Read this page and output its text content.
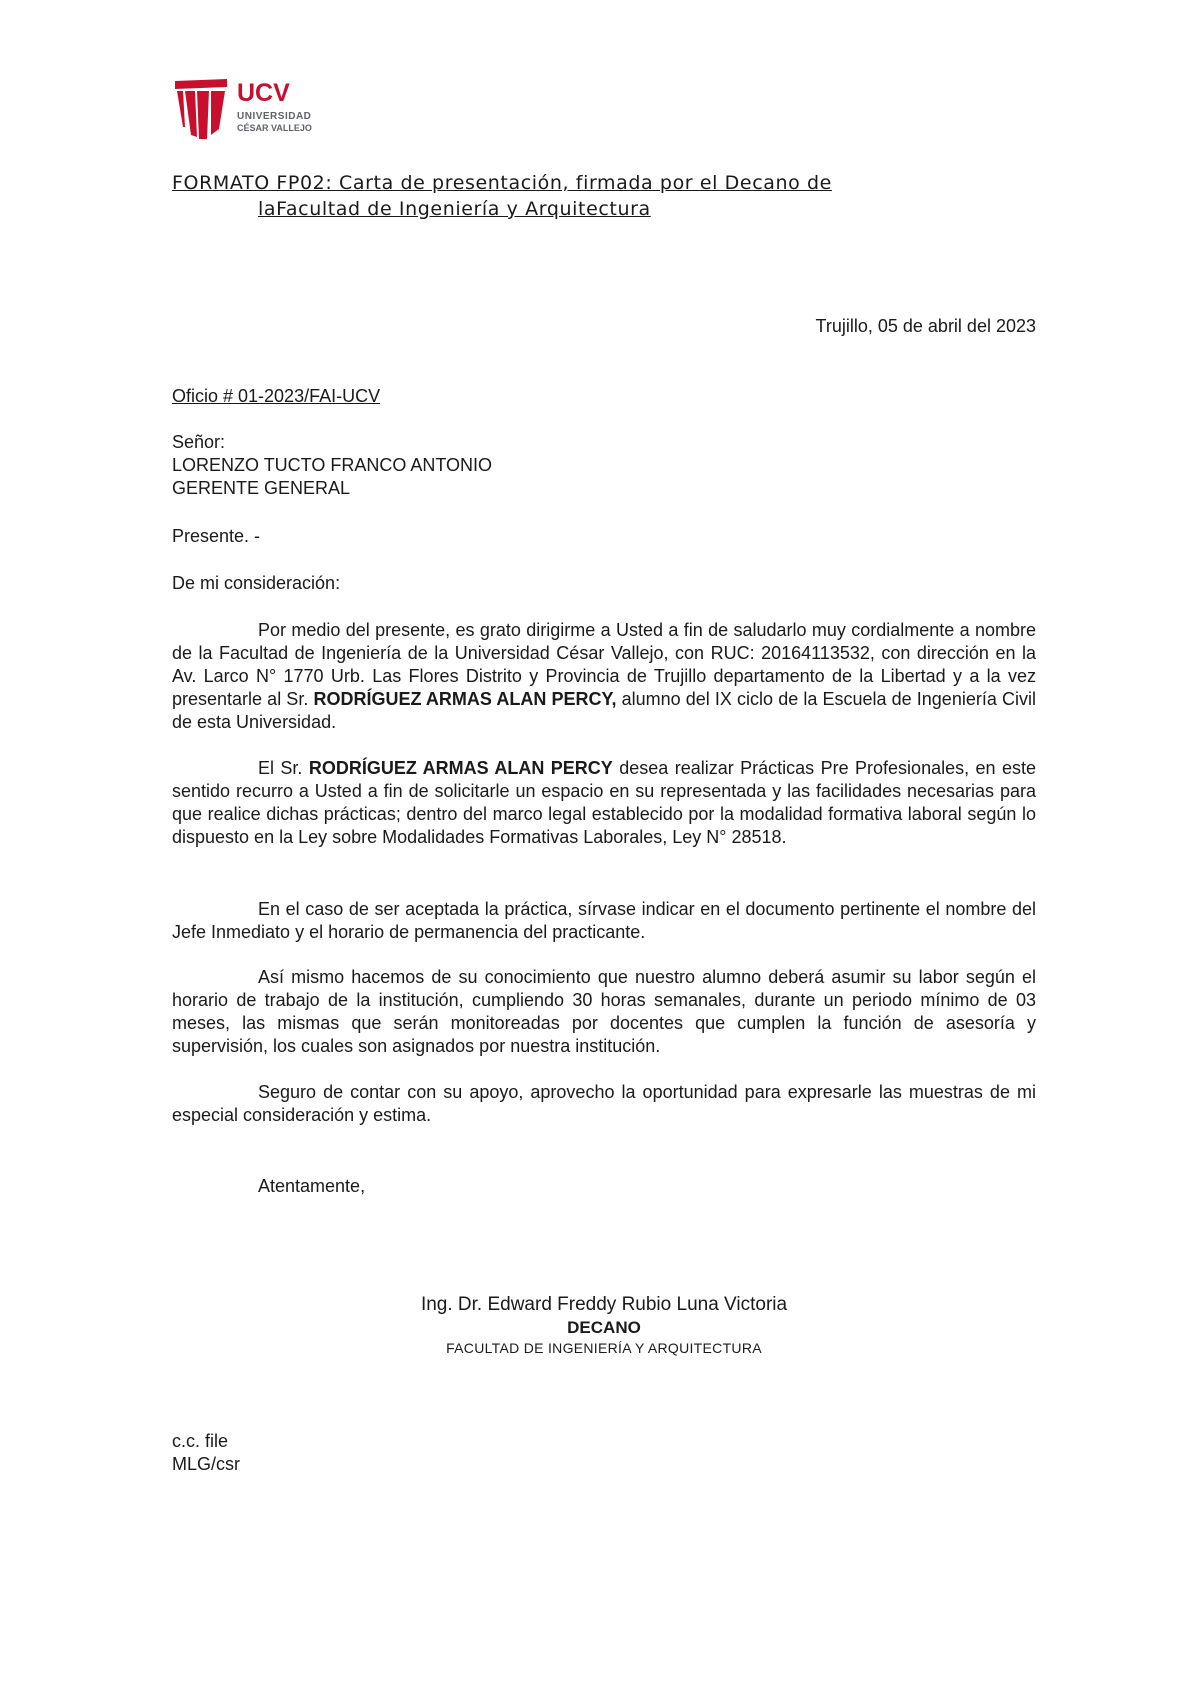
UCV
UNIVERSIDAD
CÉSAR VALLEJO
FORMATO FP02: Carta de presentación, firmada por el Decano de
laFacultad de Ingeniería y Arquitectura
Trujillo, 05 de abril del 2023
Oficio # 01-2023/FAI-UCV
Señor:
LORENZO TUCTO FRANCO ANTONIO
GERENTE GENERAL
Presente. -
De mi consideración:
Por medio del presente, es grato dirigirme a Usted a fin de saludarlo muy cordialmente a nombre de la Facultad de Ingeniería de la Universidad César Vallejo, con RUC: 20164113532, con dirección en la Av. Larco N° 1770 Urb. Las Flores Distrito y Provincia de Trujillo departamento de la Libertad y a la vez presentarle al Sr. RODRÍGUEZ ARMAS ALAN PERCY, alumno del IX ciclo de la Escuela de Ingeniería Civil de esta Universidad.
El Sr. RODRÍGUEZ ARMAS ALAN PERCY desea realizar Prácticas Pre Profesionales, en este sentido recurro a Usted a fin de solicitarle un espacio en su representada y las facilidades necesarias para que realice dichas prácticas; dentro del marco legal establecido por la modalidad formativa laboral según lo dispuesto en la Ley sobre Modalidades Formativas Laborales, Ley N° 28518.
En el caso de ser aceptada la práctica, sírvase indicar en el documento pertinente el nombre del Jefe Inmediato y el horario de permanencia del practicante.
Así mismo hacemos de su conocimiento que nuestro alumno deberá asumir su labor según el horario de trabajo de la institución, cumpliendo 30 horas semanales, durante un periodo mínimo de 03 meses, las mismas que serán monitoreadas por docentes que cumplen la función de asesoría y supervisión, los cuales son asignados por nuestra institución.
Seguro de contar con su apoyo, aprovecho la oportunidad para expresarle las muestras de mi especial consideración y estima.
Atentamente,
Ing. Dr. Edward Freddy Rubio Luna Victoria
DECANO
FACULTAD DE INGENIERÍA Y ARQUITECTURA
c.c. file
MLG/csr
